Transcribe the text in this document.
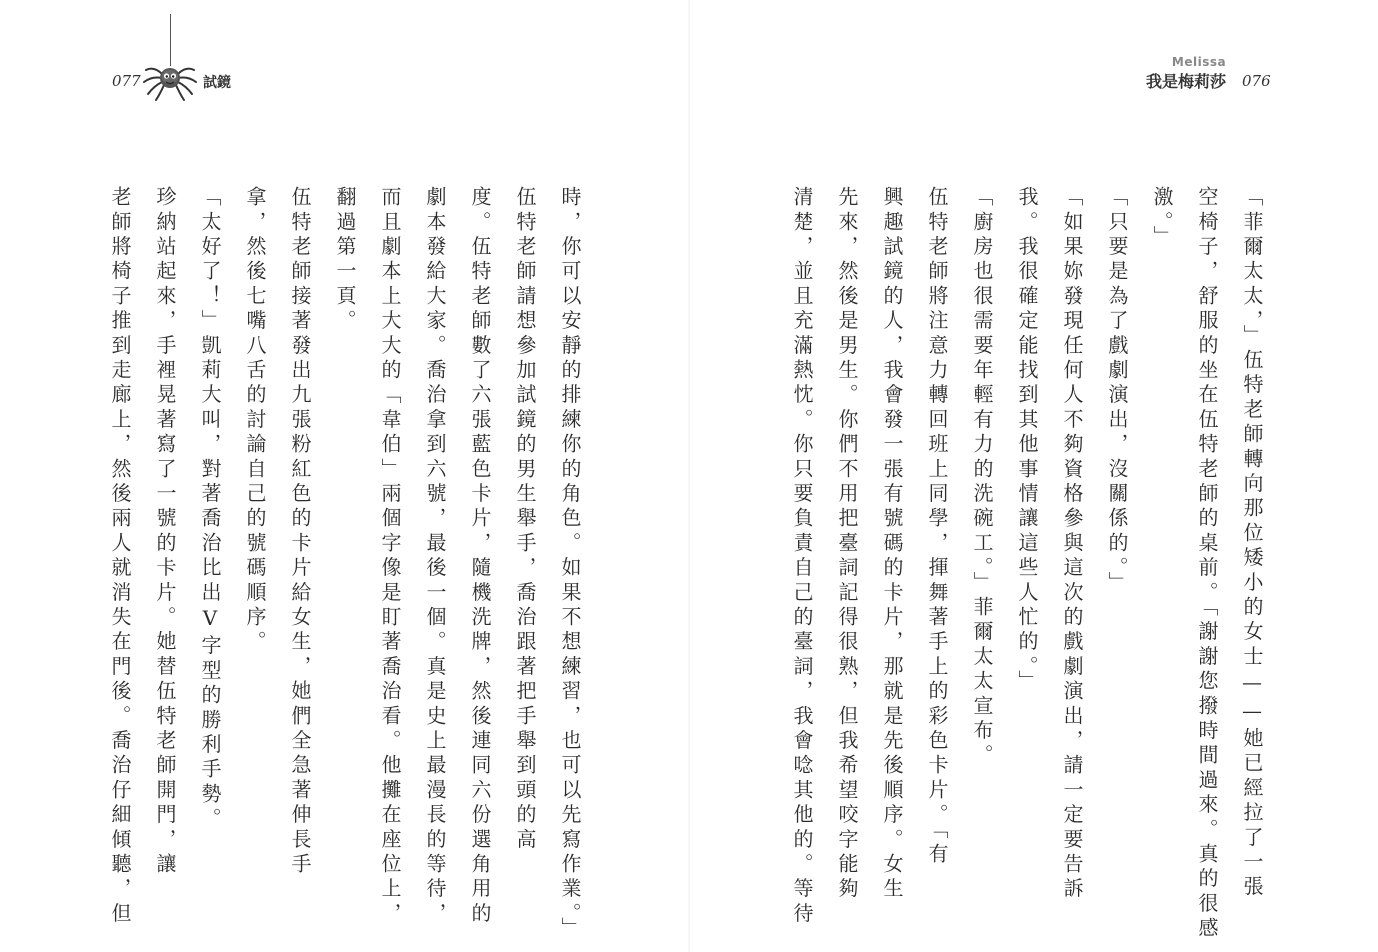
077	試鏡
Melissa
我是梅莉莎 076
「菲爾太太，」伍特老師轉向那位矮小的女士——她已經拉了一張
空椅子，舒服的坐在伍特老師的桌前。「謝謝您撥時間過來。真的很感
激。」
「只要是為了戲劇演出，沒關係的。」
「如果妳發現任何人不夠資格參與這次的戲劇演出，請一定要告訴
我。我很確定能找到其他事情讓這些人忙的。」
「廚房也很需要年輕有力的洗碗工。」菲爾太太宣布。
伍特老師將注意力轉回班上同學，揮舞著手上的彩色卡片。「有
興趣試鏡的人，我會發一張有號碼的卡片，那就是先後順序。女生
先來，然後是男生。你們不用把臺詞記得很熟，但我希望咬字能夠
清楚，並且充滿熱忱。你只要負責自己的臺詞，我會唸其他的。等待
時，你可以安靜的排練你的角色。如果不想練習，也可以先寫作業。」
伍特老師請想參加試鏡的男生舉手，喬治跟著把手舉到頭的高
度。伍特老師數了六張藍色卡片，隨機洗牌，然後連同六份選角用的
劇本發給大家。喬治拿到六號，最後一個。真是史上最漫長的等待，
而且劇本上大大的「韋伯」兩個字像是盯著喬治看。他攤在座位上，
翻過第一頁。
伍特老師接著發出九張粉紅色的卡片給女生，她們全急著伸長手
拿，然後七嘴八舌的討論自己的號碼順序。
「太好了！」凱莉大叫，對著喬治比出V字型的勝利手勢。
珍納站起來，手裡晃著寫了一號的卡片。她替伍特老師開門，讓
老師將椅子推到走廊上，然後兩人就消失在門後。喬治仔細傾聽，但
